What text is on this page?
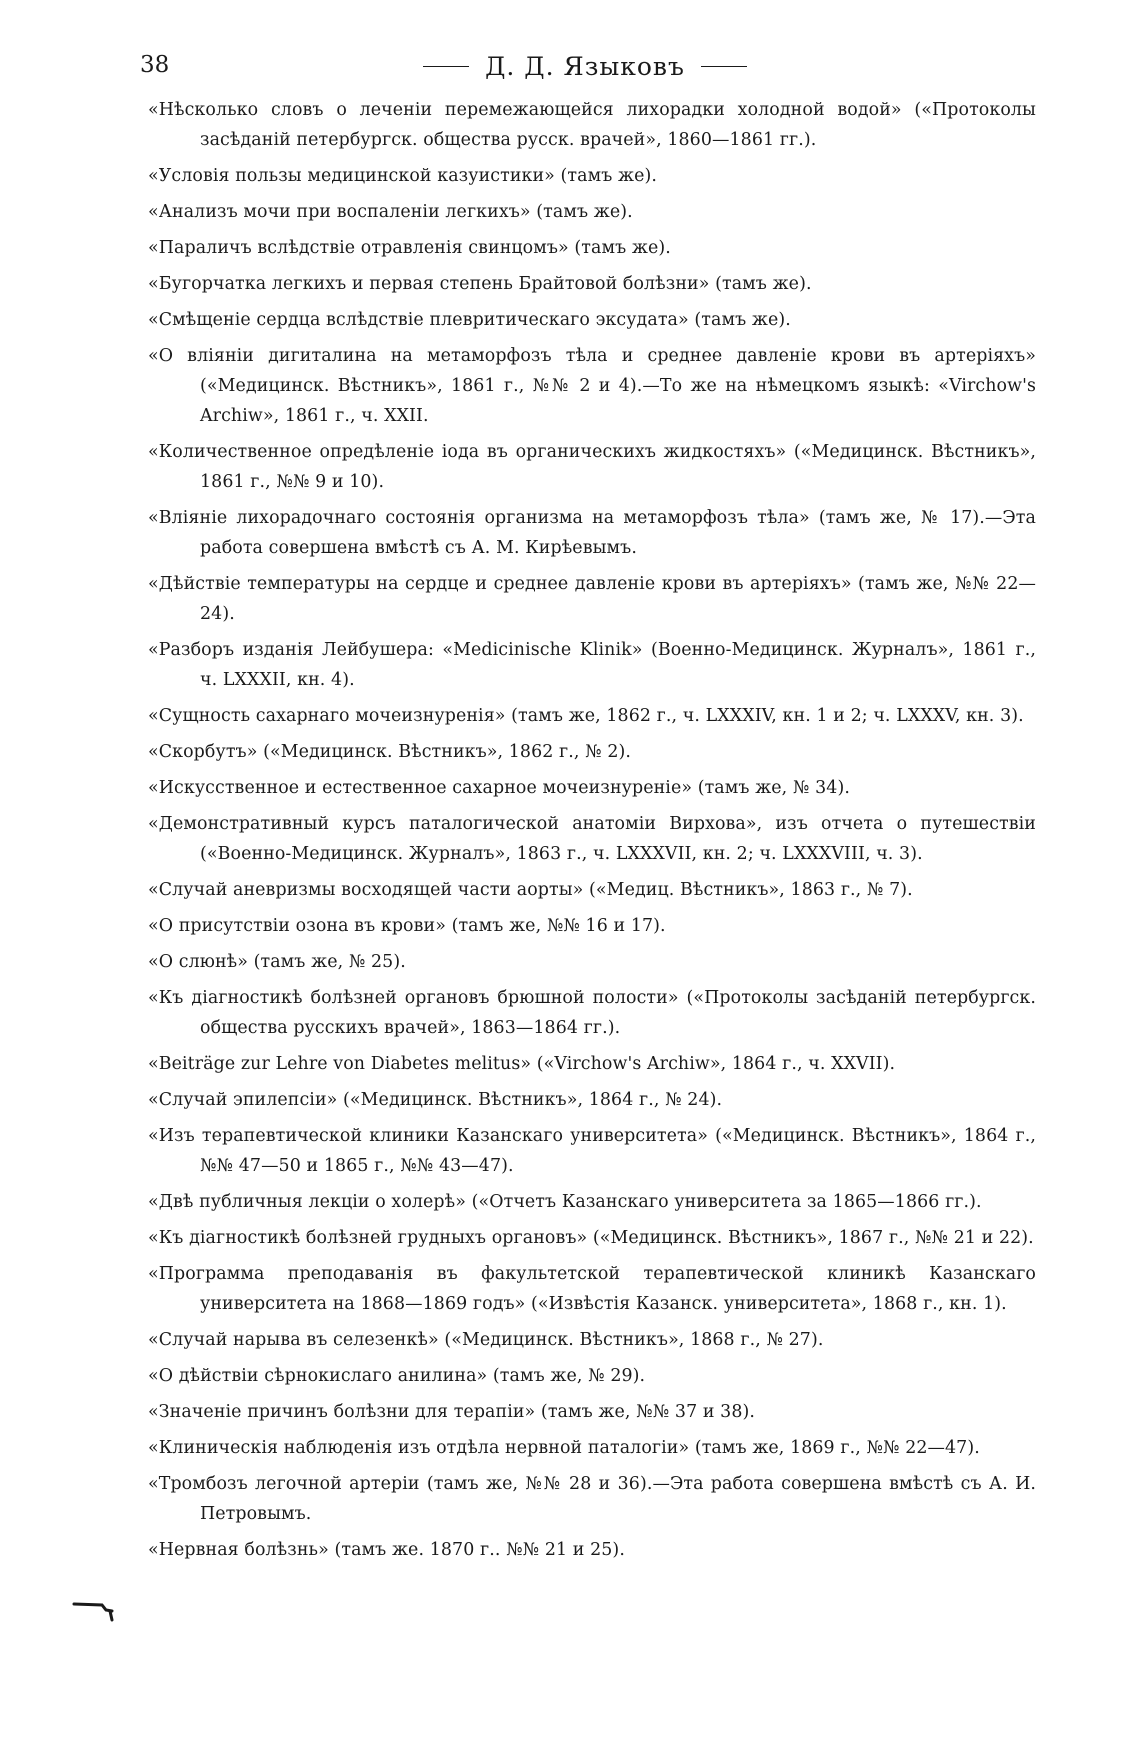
38	Д. Д. Языковъ

«Нѣсколько словъ о леченіи перемежающейся лихорадки холодной водой» («Протоколы засѣданій петербургск. общества русск. врачей», 1860—1861 гг.).

«Условія пользы медицинской казуистики» (тамъ же).

«Анализъ мочи при воспаленіи легкихъ» (тамъ же).

«Параличъ вслѣдствіе отравленія свинцомъ» (тамъ же).

«Бугорчатка легкихъ и первая степень Брайтовой болѣзни» (тамъ же).

«Смѣщеніе сердца вслѣдствіе плевритическаго эксудата» (тамъ же).

«О вліяніи дигиталина на метаморфозъ тѣла и среднее давленіе крови въ артеріяхъ» («Медицинск. Вѣстникъ», 1861 г., №№ 2 и 4).—То же на нѣмецкомъ языкѣ: «Virchow's Archiw», 1861 г., ч. XXII.

«Количественное опредѣленіе іода въ органическихъ жидкостяхъ» («Медицинск. Вѣстникъ», 1861 г., №№ 9 и 10).

«Вліяніе лихорадочнаго состоянія организма на метаморфозъ тѣла» (тамъ же, № 17).—Эта работа совершена вмѣстѣ съ А. М. Кирѣевымъ.

«Дѣйствіе температуры на сердце и среднее давленіе крови въ артеріяхъ» (тамъ же, №№ 22—24).

«Разборъ изданія Лейбушера: «Medicinische Klinik» (Военно-Медицинск. Журналъ», 1861 г., ч. LXXXII, кн. 4).

«Сущность сахарнаго мочеизнуренія» (тамъ же, 1862 г., ч. LXXXIV, кн. 1 и 2; ч. LXXXV, кн. 3).

«Скорбутъ» («Медицинск. Вѣстникъ», 1862 г., № 2).

«Искусственное и естественное сахарное мочеизнуреніе» (тамъ же, № 34).

«Демонстративный курсъ паталогической анатоміи Вирхова», изъ отчета о путешествіи («Военно-Медицинск. Журналъ», 1863 г., ч. LXXXVII, кн. 2; ч. LXXXVIII, ч. 3).

«Случай аневризмы восходящей части аорты» («Медиц. Вѣстникъ», 1863 г., № 7).

«О присутствіи озона въ крови» (тамъ же, №№ 16 и 17).

«О слюнѣ» (тамъ же, № 25).

«Къ діагностикѣ болѣзней органовъ брюшной полости» («Протоколы засѣданій петербургск. общества русскихъ врачей», 1863—1864 гг.).

«Beiträge zur Lehre von Diabetes melitus» («Virchow's Archiw», 1864 г., ч. XXVII).

«Случай эпилепсіи» («Медицинск. Вѣстникъ», 1864 г., № 24).

«Изъ терапевтической клиники Казанскаго университета» («Медицинск. Вѣстникъ», 1864 г., №№ 47—50 и 1865 г., №№ 43—47).

«Двѣ публичныя лекціи о холерѣ» («Отчетъ Казанскаго университета за 1865—1866 гг.).

«Къ діагностикѣ болѣзней грудныхъ органовъ» («Медицинск. Вѣстникъ», 1867 г., №№ 21 и 22).

«Программа преподаванія въ факультетской терапевтической клиникѣ Казанскаго университета на 1868—1869 годъ» («Извѣстія Казанск. университета», 1868 г., кн. 1).

«Случай нарыва въ селезенкѣ» («Медицинск. Вѣстникъ», 1868 г., № 27).

«О дѣйствіи сѣрнокислаго анилина» (тамъ же, № 29).

«Значеніе причинъ болѣзни для терапіи» (тамъ же, №№ 37 и 38).

«Клиническія наблюденія изъ отдѣла нервной паталогіи» (тамъ же, 1869 г., №№ 22—47).

«Тромбозъ легочной артеріи (тамъ же, №№ 28 и 36).—Эта работа совершена вмѣстѣ съ А. И. Петровымъ.

«Нервная болѣзнь» (тамъ же. 1870 г.. №№ 21 и 25).
